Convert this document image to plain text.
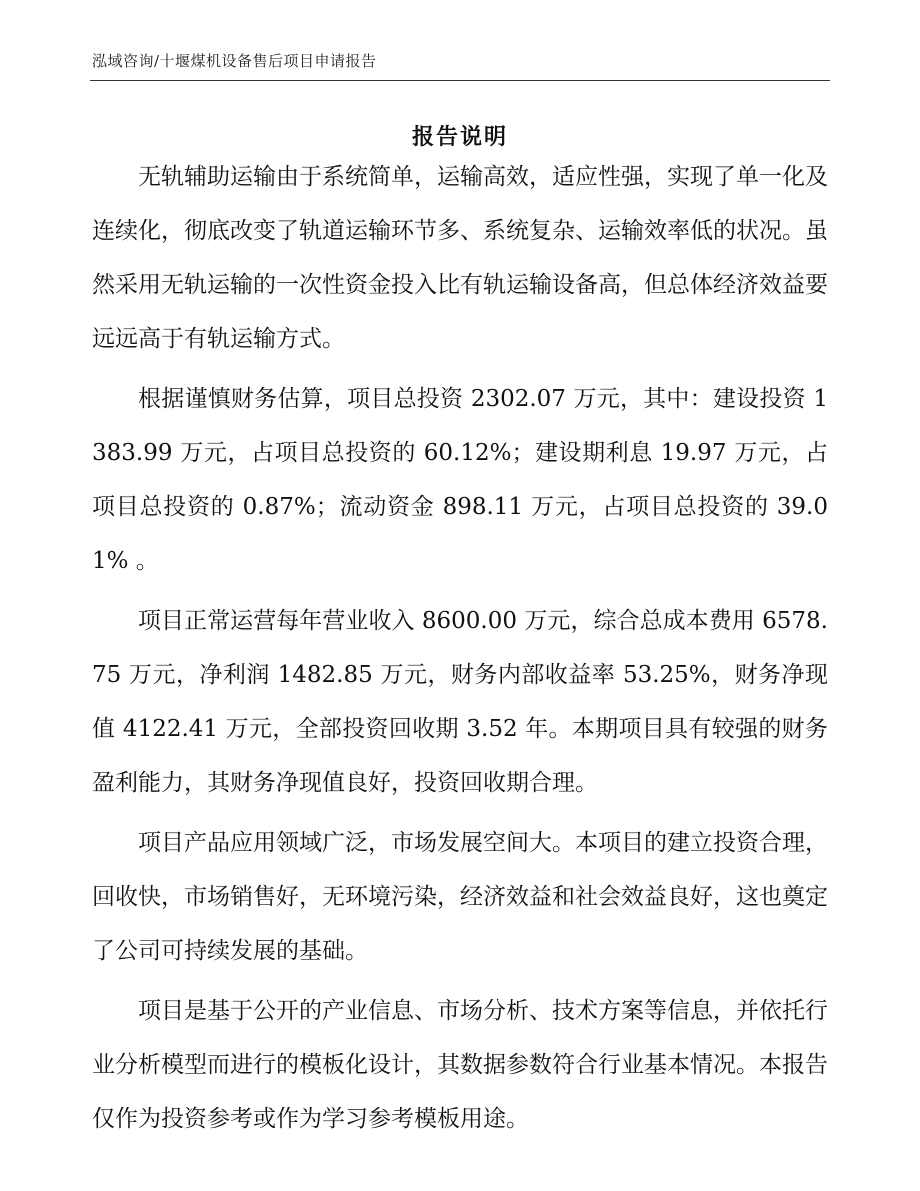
泓域咨询/十堰煤机设备售后项目申请报告
报告说明

无轨辅助运输由于系统简单，运输高效，适应性强，实现了单一化及连续化，彻底改变了轨道运输环节多、系统复杂、运输效率低的状况。虽然采用无轨运输的一次性资金投入比有轨运输设备高，但总体经济效益要远远高于有轨运输方式。

根据谨慎财务估算，项目总投资 2302.07 万元，其中：建设投资 1383.99 万元，占项目总投资的 60.12%；建设期利息 19.97 万元，占项目总投资的 0.87%；流动资金 898.11 万元，占项目总投资的 39.01% 。

项目正常运营每年营业收入 8600.00 万元，综合总成本费用 6578.75 万元，净利润 1482.85 万元，财务内部收益率 53.25%，财务净现值 4122.41 万元，全部投资回收期 3.52 年。本期项目具有较强的财务盈利能力，其财务净现值良好，投资回收期合理。

项目产品应用领域广泛，市场发展空间大。本项目的建立投资合理，回收快，市场销售好，无环境污染，经济效益和社会效益良好，这也奠定了公司可持续发展的基础。

项目是基于公开的产业信息、市场分析、技术方案等信息，并依托行业分析模型而进行的模板化设计，其数据参数符合行业基本情况。本报告仅作为投资参考或作为学习参考模板用途。
